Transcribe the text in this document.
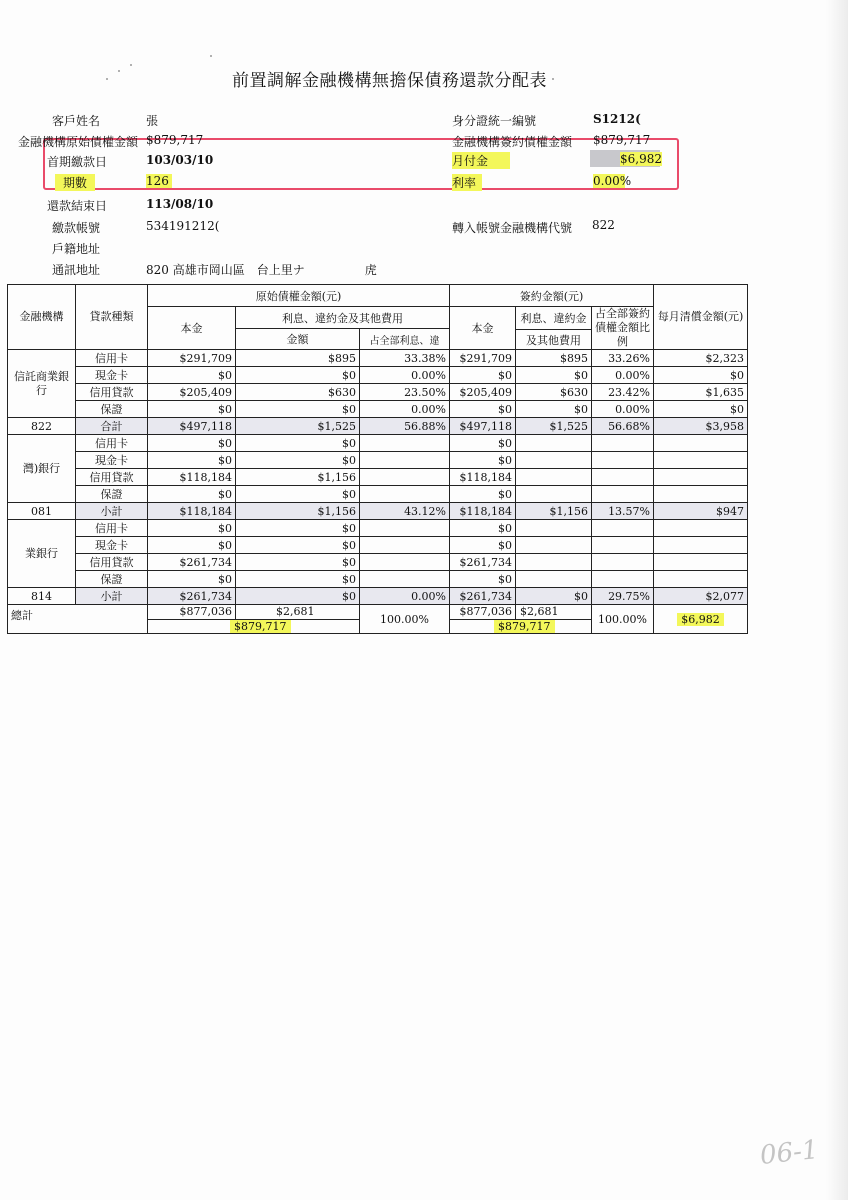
前置調解金融機構無擔保債務還款分配表
客戶姓名	張	身分證統一編號	S1212(
金融機構原始債權金額 $879,717	金融機構簽約債權金額 $879,717
首期繳款日	103/03/10	月付金	$6,982
期數	126	利率	0.00%
還款結束日	113/08/10
繳款帳號	53419121​2(	轉入帳號金融機構代號 822
戶籍地址
通訊地址	820 高雄市岡山區　台上里ナ　　　　　虎
金融機構	貸款種類	原始債權金額(元)			簽約金額(元)			每月清償金額(元)
		本金	利息、違約金及其他費用		本金	利息、違約金	占全部簽約債權金額比例	
			金額	占全部利息、違				
						及其他費用		
信託商業銀行	信用卡	$291,709	$895	33.38%	$291,709	$895	33.26%	$2,323
	現金卡	$0	$0	0.00%	$0	$0	0.00%	$0
	信用貸款	$205,409	$630	23.50%	$205,409	$630	23.42%	$1,635
	保證	$0	$0	0.00%	$0	$0	0.00%	$0
822	合計	$497,118	$1,525	56.88%	$497,118	$1,525	56.68%	$3,958
灣)銀行	信用卡	$0	$0		$0			
	現金卡	$0	$0		$0			
	信用貸款	$118,184	$1,156		$118,184			
	保證	$0	$0		$0			
081	小計	$118,184	$1,156	43.12%	$118,184	$1,156	13.57%	$947
業銀行	信用卡	$0	$0		$0			
	現金卡	$0	$0		$0			
	信用貸款	$261,734	$0		$261,734			
	保證	$0	$0		$0			
814	小計	$261,734	$0	0.00%	$261,734	$0	29.75%	$2,077
總計		$877,036	$2,681	100.00%	$877,036	$2,681	100.00%	$6,982
		$879,717			$879,717			
06-1
